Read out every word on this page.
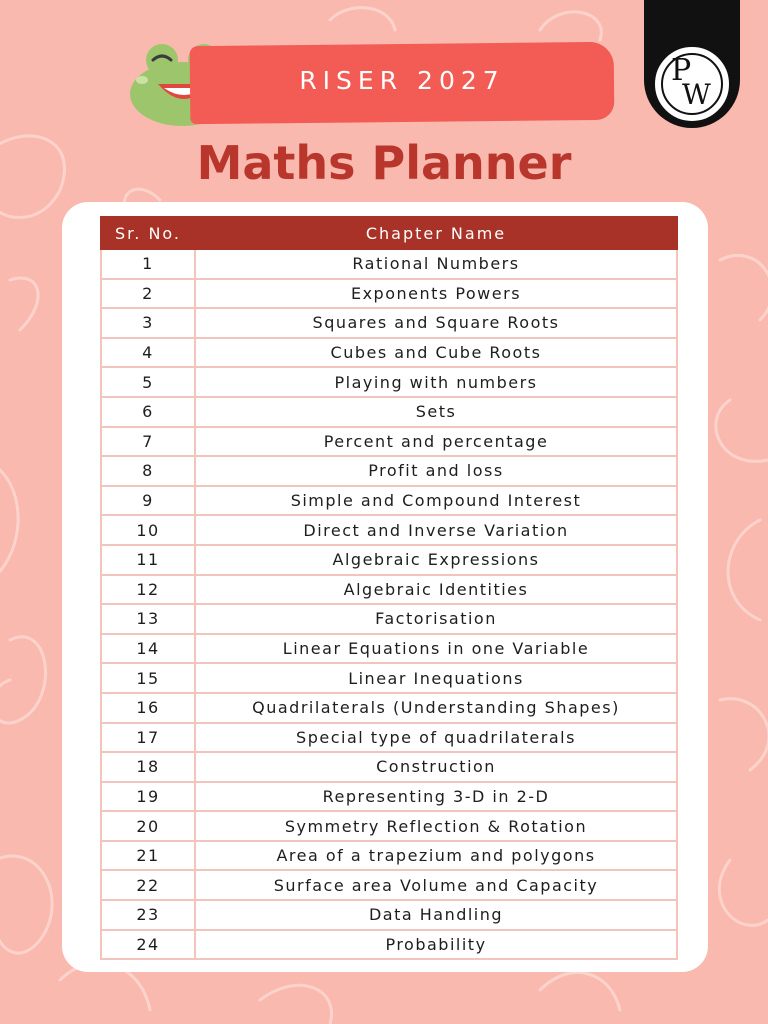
RISER 2027	P
W
Maths Planner
Sr. No.	Chapter Name
1	Rational Numbers
2	Exponents Powers
3	Squares and Square Roots
4	Cubes and Cube Roots
5	Playing with numbers
6	Sets
7	Percent and percentage
8	Profit and loss
9	Simple and Compound Interest
10	Direct and Inverse Variation
11	Algebraic Expressions
12	Algebraic Identities
13	Factorisation
14	Linear Equations in one Variable
15	Linear Inequations
16	Quadrilaterals (Understanding Shapes)
17	Special type of quadrilaterals
18	Construction
19	Representing 3-D in 2-D
20	Symmetry Reflection & Rotation
21	Area of a trapezium and polygons
22	Surface area Volume and Capacity
23	Data Handling
24	Probability
